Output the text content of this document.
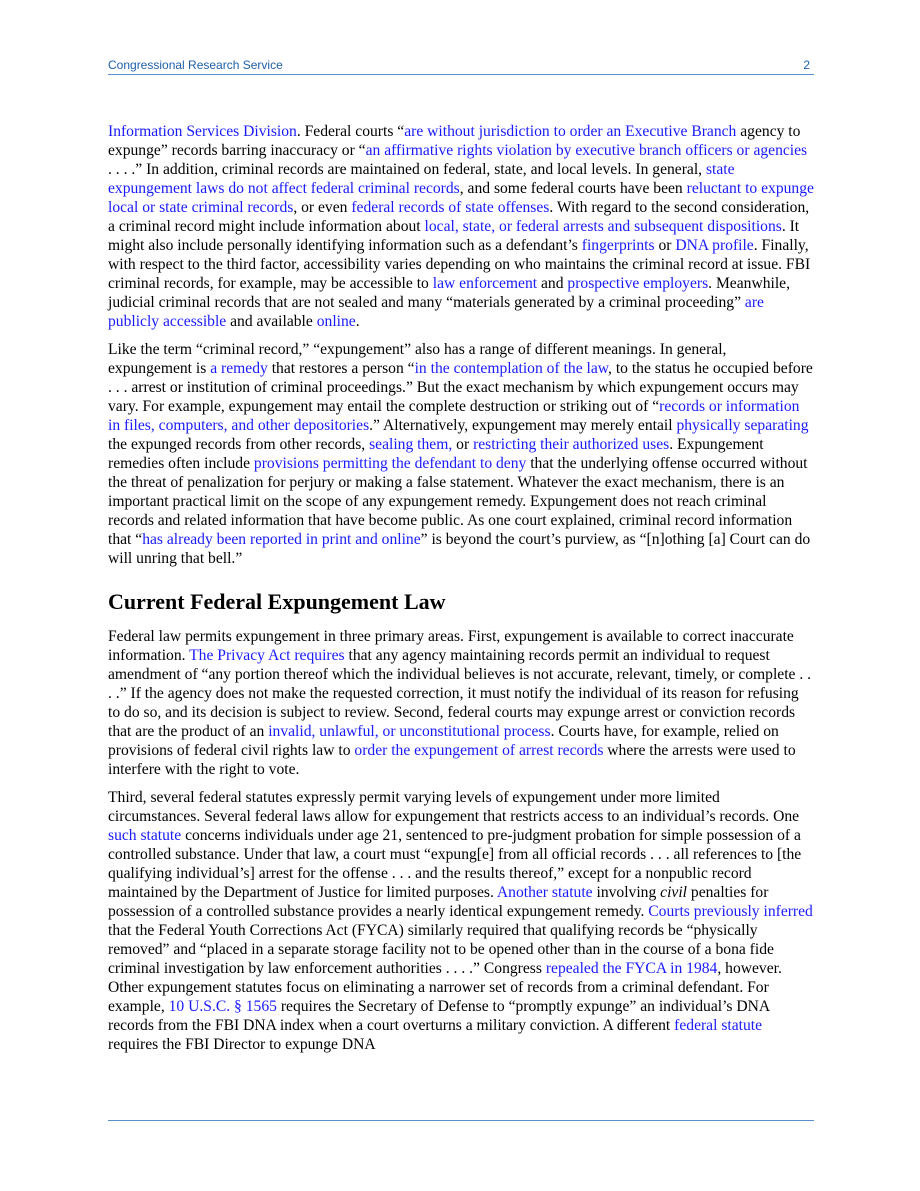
Congressional Research Service	2

Information Services Division. Federal courts “are without jurisdiction to order an Executive Branch agency to expunge” records barring inaccuracy or “an affirmative rights violation by executive branch officers or agencies . . . .” In addition, criminal records are maintained on federal, state, and local levels. In general, state expungement laws do not affect federal criminal records, and some federal courts have been reluctant to expunge local or state criminal records, or even federal records of state offenses. With regard to the second consideration, a criminal record might include information about local, state, or federal arrests and subsequent dispositions. It might also include personally identifying information such as a defendant’s fingerprints or DNA profile. Finally, with respect to the third factor, accessibility varies depending on who maintains the criminal record at issue. FBI criminal records, for example, may be accessible to law enforcement and prospective employers. Meanwhile, judicial criminal records that are not sealed and many “materials generated by a criminal proceeding” are publicly accessible and available online.

Like the term “criminal record,” “expungement” also has a range of different meanings. In general, expungement is a remedy that restores a person “in the contemplation of the law, to the status he occupied before . . . arrest or institution of criminal proceedings.” But the exact mechanism by which expungement occurs may vary. For example, expungement may entail the complete destruction or striking out of “records or information in files, computers, and other depositories.” Alternatively, expungement may merely entail physically separating the expunged records from other records, sealing them, or restricting their authorized uses. Expungement remedies often include provisions permitting the defendant to deny that the underlying offense occurred without the threat of penalization for perjury or making a false statement. Whatever the exact mechanism, there is an important practical limit on the scope of any expungement remedy. Expungement does not reach criminal records and related information that have become public. As one court explained, criminal record information that “has already been reported in print and online” is beyond the court’s purview, as “[n]othing [a] Court can do will unring that bell.”

Current Federal Expungement Law

Federal law permits expungement in three primary areas. First, expungement is available to correct inaccurate information. The Privacy Act requires that any agency maintaining records permit an individual to request amendment of “any portion thereof which the individual believes is not accurate, relevant, timely, or complete . . . .” If the agency does not make the requested correction, it must notify the individual of its reason for refusing to do so, and its decision is subject to review. Second, federal courts may expunge arrest or conviction records that are the product of an invalid, unlawful, or unconstitutional process. Courts have, for example, relied on provisions of federal civil rights law to order the expungement of arrest records where the arrests were used to interfere with the right to vote.

Third, several federal statutes expressly permit varying levels of expungement under more limited circumstances. Several federal laws allow for expungement that restricts access to an individual’s records. One such statute concerns individuals under age 21, sentenced to pre-judgment probation for simple possession of a controlled substance. Under that law, a court must “expung[e] from all official records . . . all references to [the qualifying individual’s] arrest for the offense . . . and the results thereof,” except for a nonpublic record maintained by the Department of Justice for limited purposes. Another statute involving civil penalties for possession of a controlled substance provides a nearly identical expungement remedy. Courts previously inferred that the Federal Youth Corrections Act (FYCA) similarly required that qualifying records be “physically removed” and “placed in a separate storage facility not to be opened other than in the course of a bona fide criminal investigation by law enforcement authorities . . . .” Congress repealed the FYCA in 1984, however. Other expungement statutes focus on eliminating a narrower set of records from a criminal defendant. For example, 10 U.S.C. § 1565 requires the Secretary of Defense to “promptly expunge” an individual’s DNA records from the FBI DNA index when a court overturns a military conviction. A different federal statute requires the FBI Director to expunge DNA
